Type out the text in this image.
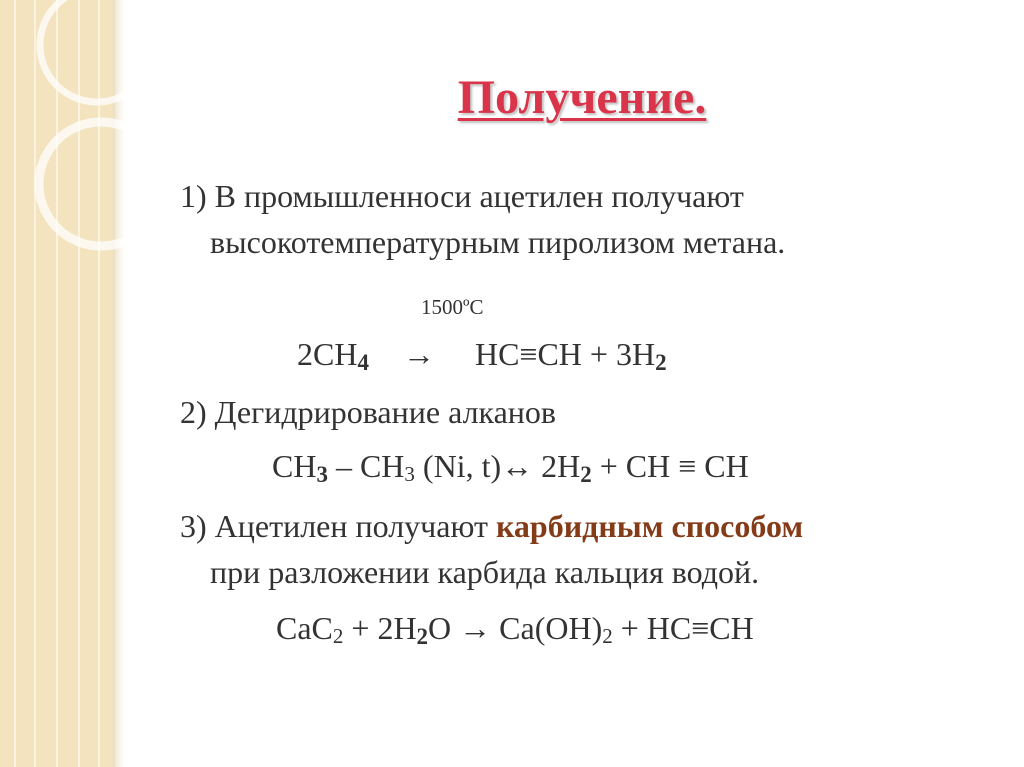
Получение.
1) В промышленноси ацетилен получают
высокотемпературным пиролизом метана.
1500ºС
2СН4 → НС≡СН + 3Н2
2) Дегидрирование алканов
СН3 – СН3 (Ni, t)↔ 2Н2 + СН ≡ СН
3) Ацетилен получают карбидным способом
при разложении карбида кальция водой.
СаС2 + 2Н2О → Са(ОН)2 + НС≡СН
